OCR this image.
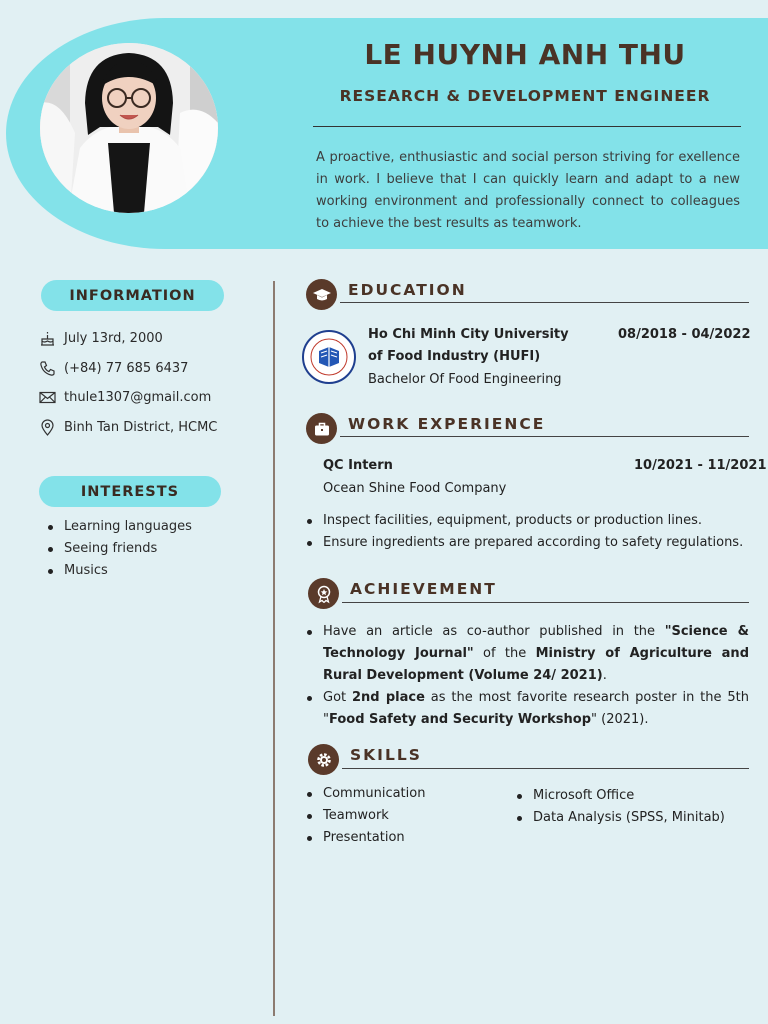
LE HUYNH ANH THU
RESEARCH & DEVELOPMENT ENGINEER
A proactive, enthusiastic and social person striving for exellence in work. I believe that I can quickly learn and adapt to a new working environment and professionally connect to colleagues to achieve the best results as teamwork.
INFORMATION
July 13rd, 2000
(+84) 77 685 6437
thule1307@gmail.com
Binh Tan District, HCMC
INTERESTS
Learning languages
Seeing friends
Musics
EDUCATION
Ho Chi Minh City University
of Food Industry (HUFI)
08/2018 - 04/2022
Bachelor Of Food Engineering
WORK EXPERIENCE
QC Intern	10/2021 - 11/2021
Ocean Shine Food Company
Inspect facilities, equipment, products or production lines.
Ensure ingredients are prepared according to safety regulations.
ACHIEVEMENT
Have an article as co-author published in the "Science & Technology Journal" of the Ministry of Agriculture and Rural Development (Volume 24/ 2021).
Got 2nd place as the most favorite research poster in the 5th "Food Safety and Security Workshop" (2021).
SKILLS
Communication
Teamwork
Presentation
Microsoft Office
Data Analysis (SPSS, Minitab)
